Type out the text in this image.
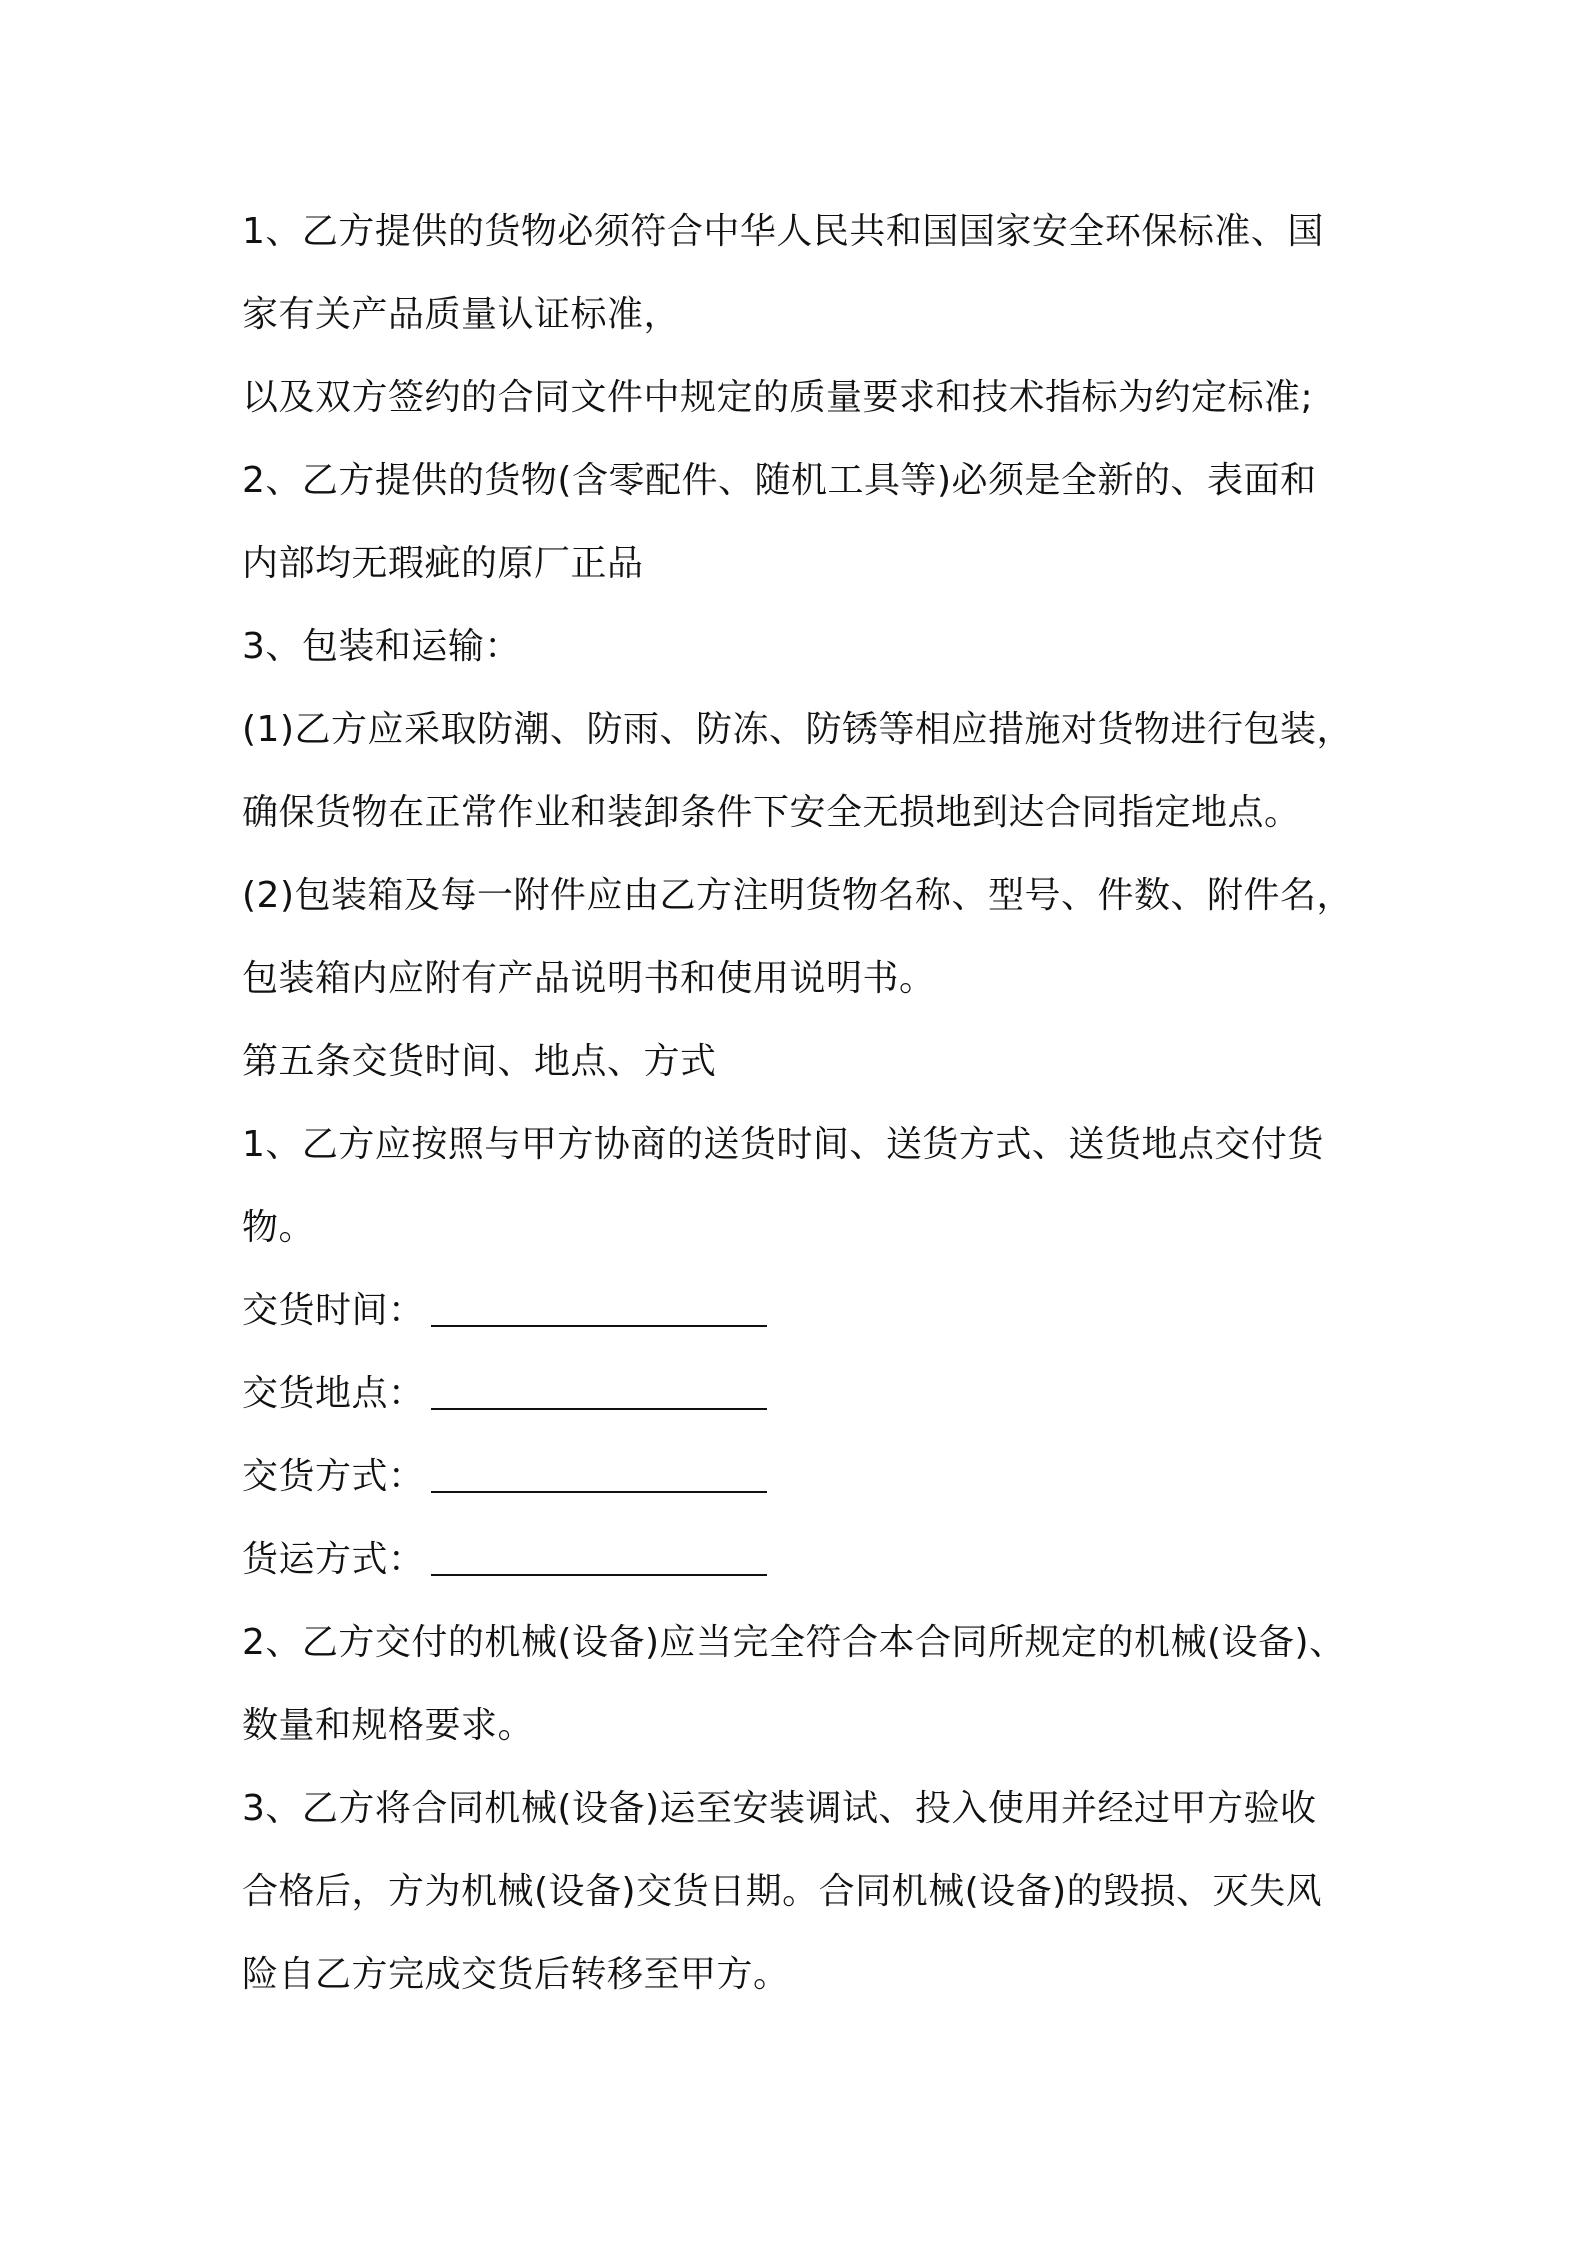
1、乙方提供的货物必须符合中华人民共和国国家安全环保标准、国
家有关产品质量认证标准，
以及双方签约的合同文件中规定的质量要求和技术指标为约定标准;
2、乙方提供的货物(含零配件、随机工具等)必须是全新的、表面和
内部均无瑕疵的原厂正品
3、包装和运输：
(1)乙方应采取防潮、防雨、防冻、防锈等相应措施对货物进行包装，
确保货物在正常作业和装卸条件下安全无损地到达合同指定地点。
(2)包装箱及每一附件应由乙方注明货物名称、型号、件数、附件名，
包装箱内应附有产品说明书和使用说明书。
第五条交货时间、地点、方式
1、乙方应按照与甲方协商的送货时间、送货方式、送货地点交付货
物。
交货时间：
交货地点：
交货方式：
货运方式：
2、乙方交付的机械(设备)应当完全符合本合同所规定的机械(设备)、
数量和规格要求。
3、乙方将合同机械(设备)运至安装调试、投入使用并经过甲方验收
合格后，方为机械(设备)交货日期。合同机械(设备)的毁损、灭失风
险自乙方完成交货后转移至甲方。
